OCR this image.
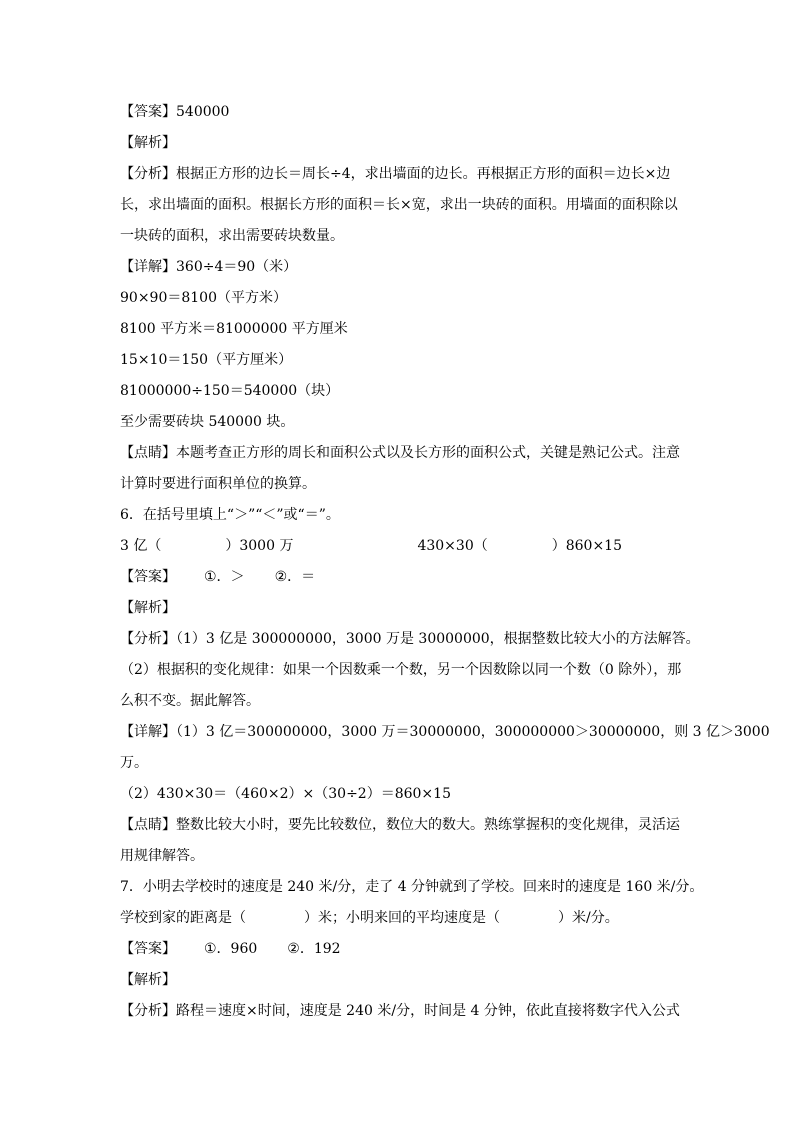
【答案】540000
【解析】
【分析】根据正方形的边长＝周长÷4，求出墙面的边长。再根据正方形的面积＝边长×边
长，求出墙面的面积。根据长方形的面积＝长×宽，求出一块砖的面积。用墙面的面积除以
一块砖的面积，求出需要砖块数量。
【详解】360÷4＝90（米）
90×90＝8100（平方米）
8100 平方米＝81000000 平方厘米
15×10＝150（平方厘米）
81000000÷150＝540000（块）
至少需要砖块 540000 块。
【点睛】本题考查正方形的周长和面积公式以及长方形的面积公式，关键是熟记公式。注意
计算时要进行面积单位的换算。
6．在括号里填上“＞”“＜”或“＝”。
3 亿（	）3000 万	430×30（	）860×15
【答案】 ①．＞ ②．＝
【解析】
【分析】（1）3 亿是 300000000，3000 万是 30000000，根据整数比较大小的方法解答。
（2）根据积的变化规律：如果一个因数乘一个数，另一个因数除以同一个数（0 除外），那
么积不变。据此解答。
【详解】（1）3 亿＝300000000，3000 万＝30000000，300000000＞30000000，则 3 亿＞3000
万。
（2）430×30＝（460×2）×（30÷2）＝860×15
【点睛】整数比较大小时，要先比较数位，数位大的数大。熟练掌握积的变化规律，灵活运
用规律解答。
7．小明去学校时的速度是 240 米/分，走了 4 分钟就到了学校。回来时的速度是 160 米/分。
学校到家的距离是（	）米；小明来回的平均速度是（	）米/分。
【答案】 ①．960 ②．192
【解析】
【分析】路程＝速度×时间，速度是 240 米/分，时间是 4 分钟，依此直接将数字代入公式
